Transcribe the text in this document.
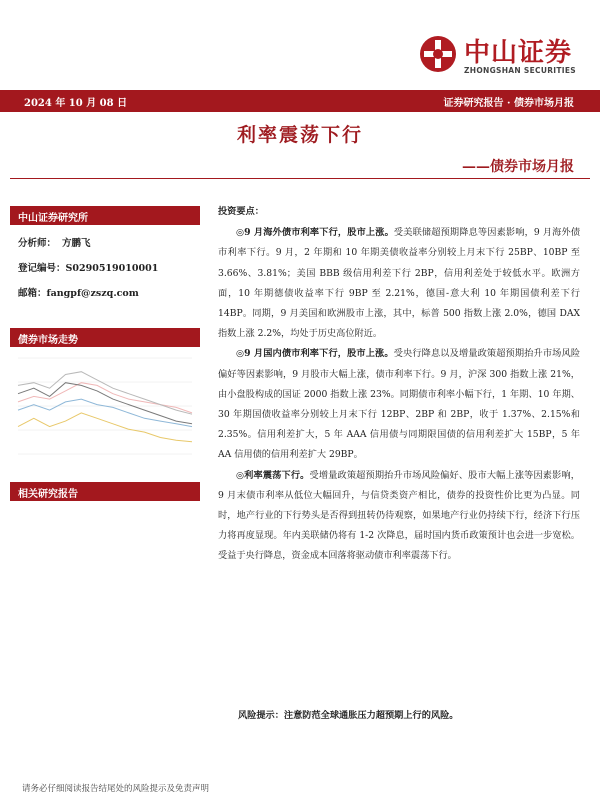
中山证券
ZHONGSHAN SECURITIES
2024 年 10 月 08 日	证券研究报告 · 债券市场月报
利率震荡下行
——债券市场月报
中山证券研究所
分析师： 方鹏飞
登记编号：S0290519010001
邮箱：fangpf@zszq.com
债券市场走势
相关研究报告

投资要点：

◎9 月海外债市利率下行，股市上涨。受美联储超预期降息等因素影响，9 月海外债市利率下行。9 月，2 年期和 10 年期美债收益率分别较上月末下行 25BP、10BP 至 3.66%、3.81%；美国 BBB 级信用利差下行 2BP，信用利差处于较低水平。欧洲方面，10 年期德债收益率下行 9BP 至 2.21%，德国-意大利 10 年期国债利差下行 14BP。同期，9 月美国和欧洲股市上涨，其中，标普 500 指数上涨 2.0%，德国 DAX 指数上涨 2.2%，均处于历史高位附近。

◎9 月国内债市利率下行，股市上涨。受央行降息以及增量政策超预期抬升市场风险偏好等因素影响，9 月股市大幅上涨，债市利率下行。9 月，沪深 300 指数上涨 21%，由小盘股构成的国证 2000 指数上涨 23%。同期债市利率小幅下行，1 年期、10 年期、30 年期国债收益率分别较上月末下行 12BP、2BP 和 2BP，收于 1.37%、2.15%和 2.35%。信用利差扩大，5 年 AAA 信用债与同期限国债的信用利差扩大 15BP，5 年 AA 信用债的信用利差扩大 29BP。

◎利率震荡下行。受增量政策超预期抬升市场风险偏好、股市大幅上涨等因素影响，9 月末债市利率从低位大幅回升，与信贷类资产相比，债券的投资性价比更为凸显。同时，地产行业的下行势头是否得到扭转仍待观察，如果地产行业仍持续下行，经济下行压力将再度显现。年内美联储仍将有 1-2 次降息，届时国内货币政策预计也会进一步宽松。受益于央行降息，资金成本回落将驱动债市利率震荡下行。

风险提示：注意防范全球通胀压力超预期上行的风险。
请务必仔细阅读报告结尾处的风险提示及免责声明
